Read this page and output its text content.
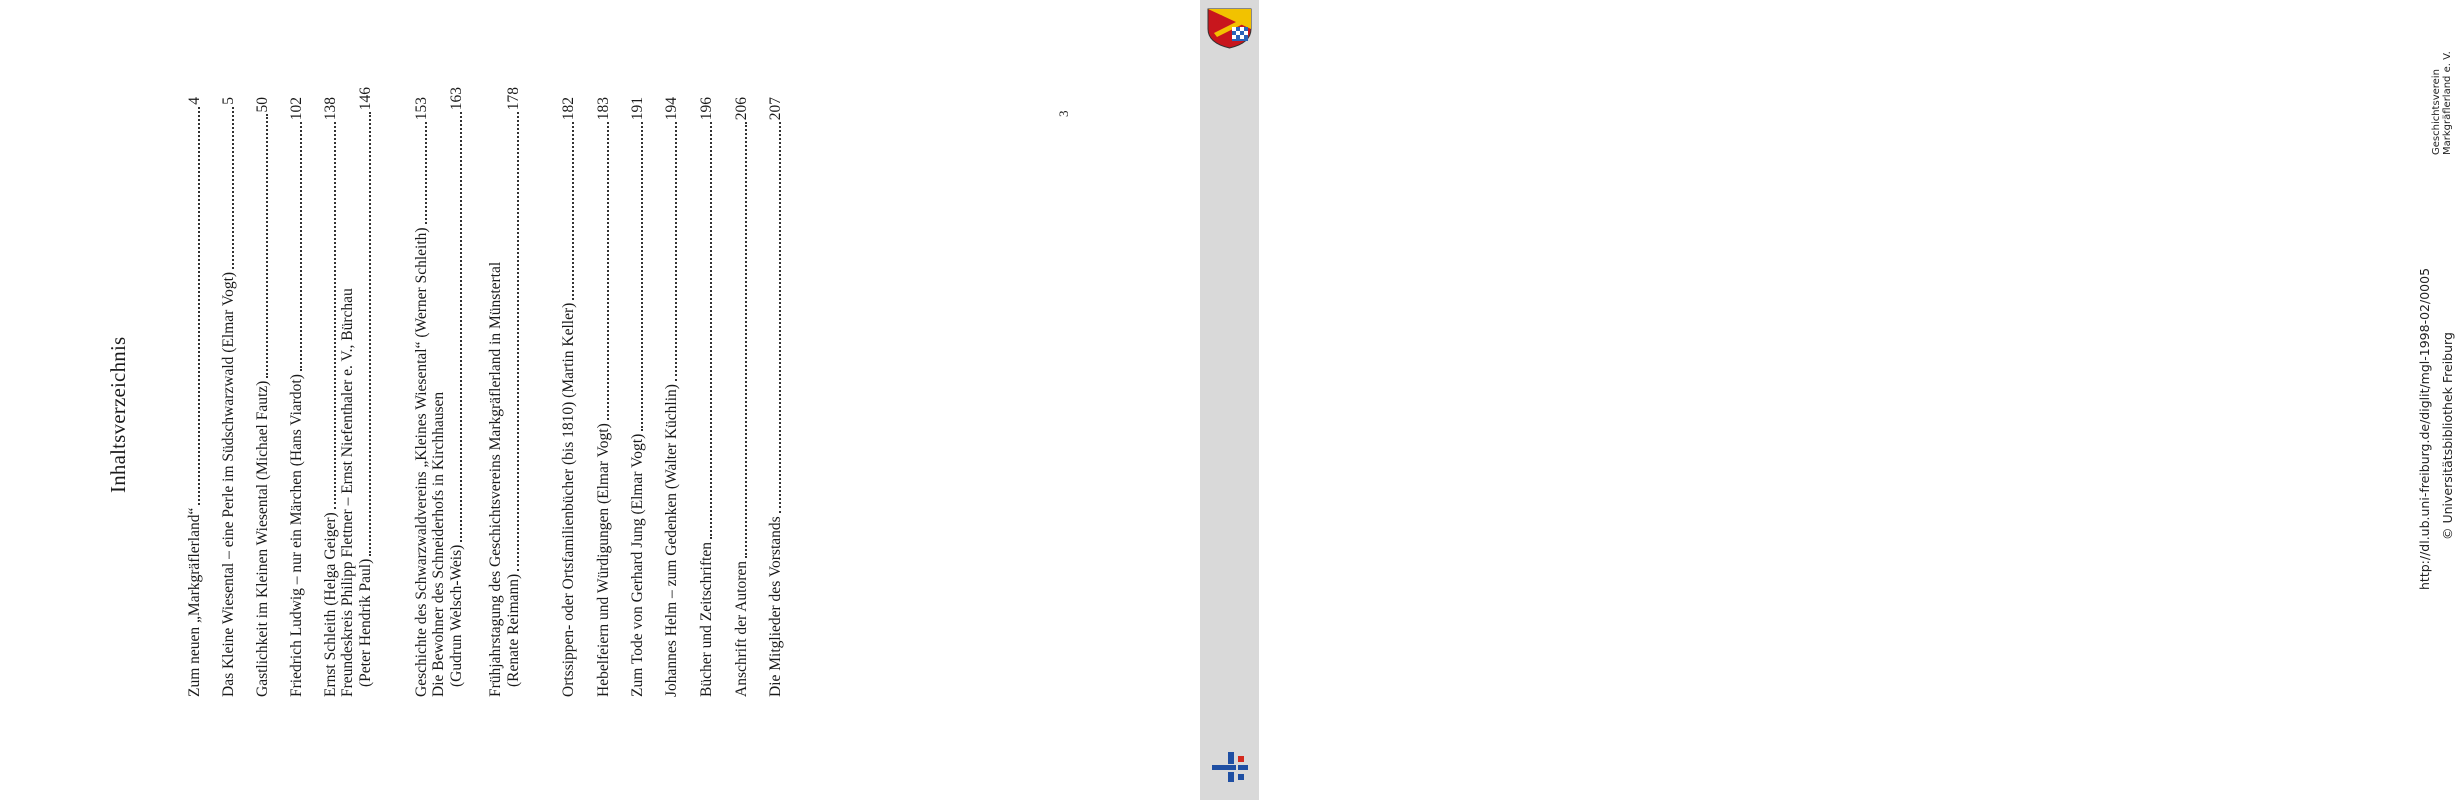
Inhaltsverzeichnis
Zum neuen „Markgräflerland“
4
Das Kleine Wiesental – eine Perle im Südschwarzwald (Elmar Vogt)
5
Gastlichkeit im Kleinen Wiesental (Michael Fautz)
50
Friedrich Ludwig – nur ein Märchen (Hans Viardot)
102
Ernst Schleith (Helga Geiger)
138
Freundeskreis Philipp Flettner – Ernst Niefenthaler e. V., Bürchau (Peter Hendrik Paul)
146
Geschichte des Schwarzwaldvereins „Kleines Wiesental“ (Werner Schleith)
153
Die Bewohner des Schneiderhofs in Kirchhausen (Gudrun Welsch-Weis)
163
Frühjahrstagung des Geschichtsvereins Markgräflerland in Münstertal (Renate Reimann)
178
Ortssippen- oder Ortsfamilienbücher (bis 1810) (Martin Keller)
182
Hebelfeiern und Würdigungen (Elmar Vogt)
183
Zum Tode von Gerhard Jung (Elmar Vogt)
191
Johannes Helm – zum Gedenken (Walter Küchlin)
194
Bücher und Zeitschriften
196
Anschrift der Autoren
206
Die Mitglieder des Vorstands
207	3	Geschichtsverein Markgräflerland e. V.
http://dl.ub.uni-freiburg.de/diglit/mgl-1998-02/0005 © Universitätsbibliothek Freiburg
